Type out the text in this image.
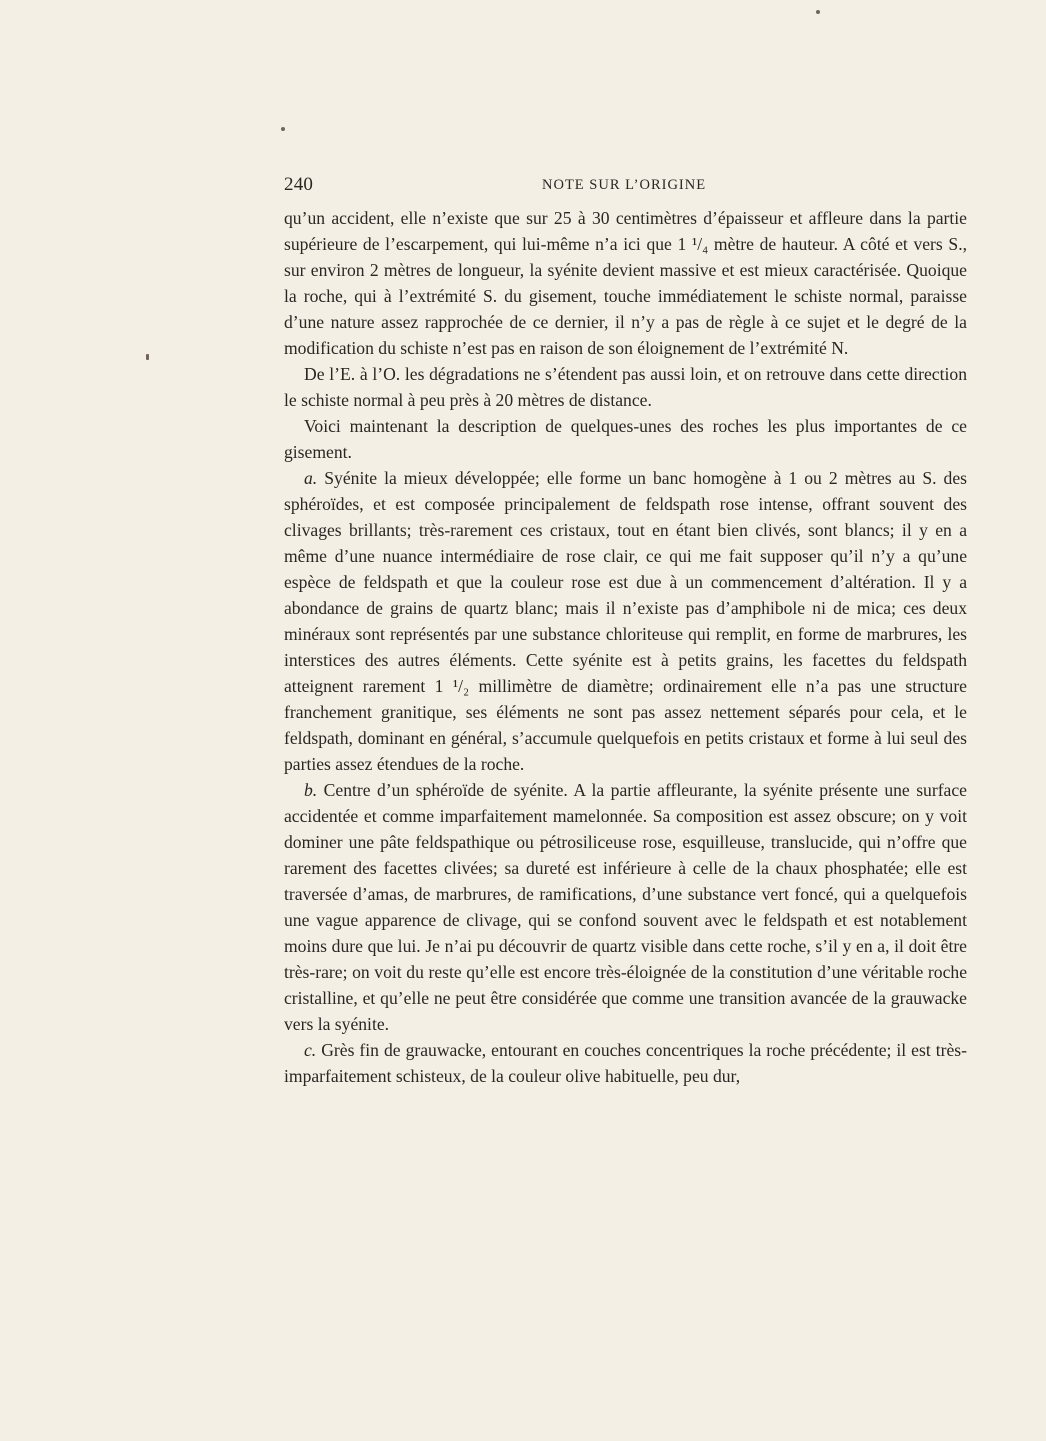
240	NOTE SUR L’ORIGINE

qu’un accident, elle n’existe que sur 25 à 30 centimètres d’épaisseur et affleure dans la partie supérieure de l’escarpement, qui lui-même n’a ici que 1 ¹/₄ mètre de hauteur. A côté et vers S., sur environ 2 mètres de longueur, la syénite devient massive et est mieux caractérisée. Quoique la roche, qui à l’extrémité S. du gisement, touche immédiatement le schiste normal, paraisse d’une nature assez rapprochée de ce dernier, il n’y a pas de règle à ce sujet et le degré de la modification du schiste n’est pas en raison de son éloignement de l’extrémité N.

De l’E. à l’O. les dégradations ne s’étendent pas aussi loin, et on retrouve dans cette direction le schiste normal à peu près à 20 mètres de distance.

Voici maintenant la description de quelques-unes des roches les plus importantes de ce gisement.

a. Syénite la mieux développée; elle forme un banc homogène à 1 ou 2 mètres au S. des sphéroïdes, et est composée principalement de feldspath rose intense, offrant souvent des clivages brillants; très-rarement ces cristaux, tout en étant bien clivés, sont blancs; il y en a même d’une nuance intermédiaire de rose clair, ce qui me fait supposer qu’il n’y a qu’une espèce de feldspath et que la couleur rose est due à un commencement d’altération. Il y a abondance de grains de quartz blanc; mais il n’existe pas d’amphibole ni de mica; ces deux minéraux sont représentés par une substance chloriteuse qui remplit, en forme de marbrures, les interstices des autres éléments. Cette syénite est à petits grains, les facettes du feldspath atteignent rarement 1 ¹/₂ millimètre de diamètre; ordinairement elle n’a pas une structure franchement granitique, ses éléments ne sont pas assez nettement séparés pour cela, et le feldspath, dominant en général, s’accumule quelquefois en petits cristaux et forme à lui seul des parties assez étendues de la roche.

b. Centre d’un sphéroïde de syénite. A la partie affleurante, la syénite présente une surface accidentée et comme imparfaitement mamelonnée. Sa composition est assez obscure; on y voit dominer une pâte feldspathique ou pétrosiliceuse rose, esquilleuse, translucide, qui n’offre que rarement des facettes clivées; sa dureté est inférieure à celle de la chaux phosphatée; elle est traversée d’amas, de marbrures, de ramifications, d’une substance vert foncé, qui a quelquefois une vague apparence de clivage, qui se confond souvent avec le feldspath et est notablement moins dure que lui. Je n’ai pu découvrir de quartz visible dans cette roche, s’il y en a, il doit être très-rare; on voit du reste qu’elle est encore très-éloignée de la constitution d’une véritable roche cristalline, et qu’elle ne peut être considérée que comme une transition avancée de la grauwacke vers la syénite.

c. Grès fin de grauwacke, entourant en couches concentriques la roche précédente; il est très-imparfaitement schisteux, de la couleur olive habituelle, peu dur,
